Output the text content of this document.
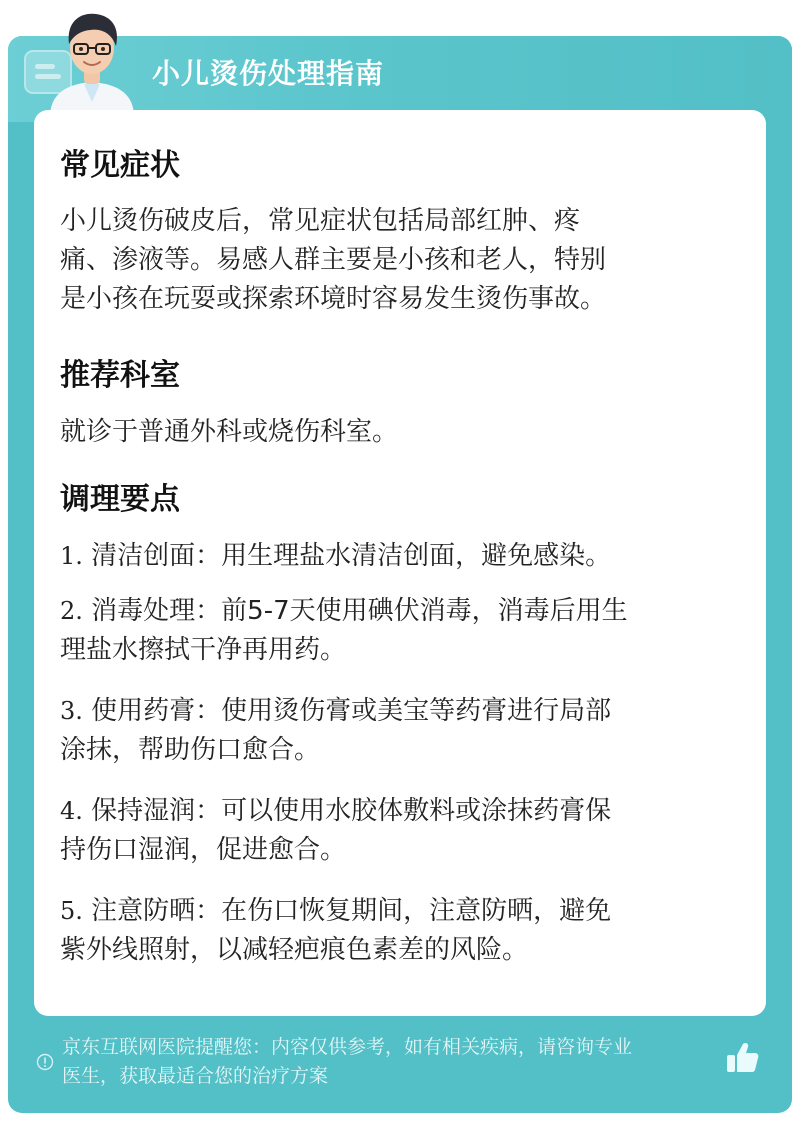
小儿烫伤处理指南
常见症状
小儿烫伤破皮后，常见症状包括局部红肿、疼
痛、渗液等。易感人群主要是小孩和老人，特别
是小孩在玩耍或探索环境时容易发生烫伤事故。
推荐科室
就诊于普通外科或烧伤科室。
调理要点
1. 清洁创面：用生理盐水清洁创面，避免感染。
2. 消毒处理：前5-7天使用碘伏消毒，消毒后用生
理盐水擦拭干净再用药。
3. 使用药膏：使用烫伤膏或美宝等药膏进行局部
涂抹，帮助伤口愈合。
4. 保持湿润：可以使用水胶体敷料或涂抹药膏保
持伤口湿润，促进愈合。
5. 注意防晒：在伤口恢复期间，注意防晒，避免
紫外线照射，以减轻疤痕色素差的风险。
京东互联网医院提醒您：内容仅供参考，如有相关疾病，请咨询专业
医生，获取最适合您的治疗方案
